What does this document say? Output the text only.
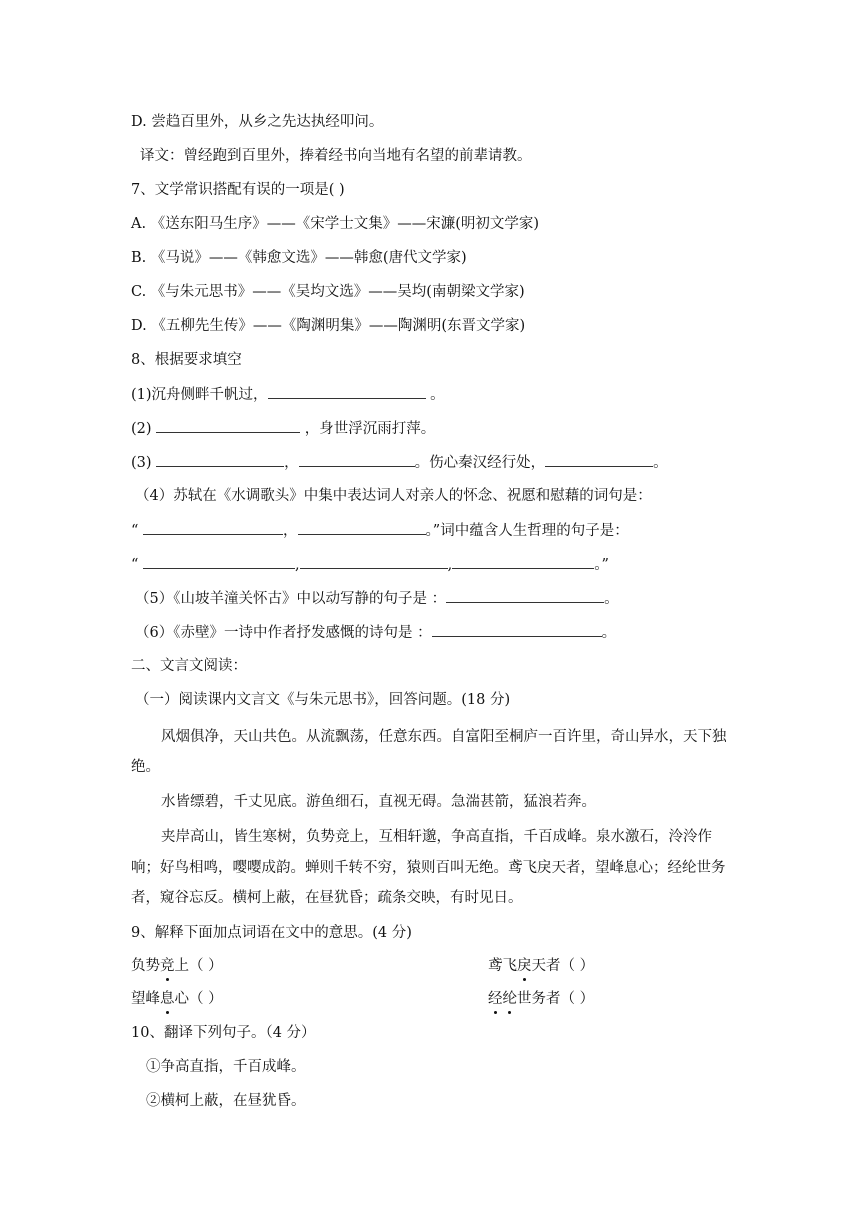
D. 尝趋百里外，从乡之先达执经叩问。
译文：曾经跑到百里外，捧着经书向当地有名望的前辈请教。
7、文学常识搭配有误的一项是( )
A. 《送东阳马生序》——《宋学士文集》——宋濂(明初文学家)
B. 《马说》——《韩愈文选》——韩愈(唐代文学家)
C. 《与朱元思书》——《吴均文选》——吴均(南朝梁文学家)
D. 《五柳先生传》——《陶渊明集》——陶渊明(东晋文学家)
8、根据要求填空
(1)沉舟侧畔千帆过，	。
(2)	，身世浮沉雨打萍。
(3)	，	。伤心秦汉经行处，	。
（4）苏轼在《水调歌头》中集中表达词人对亲人的怀念、祝愿和慰藉的词句是：
“	，	。”词中蕴含人生哲理的句子是：
“	,	,	。”
（5）《山坡羊潼关怀古》中以动写静的句子是 ：	。
（6）《赤壁》一诗中作者抒发感慨的诗句是 ：	。
二、文言文阅读：
（一）阅读课内文言文《与朱元思书》，回答问题。(18 分)
风烟俱净，天山共色。从流飘荡，任意东西。自富阳至桐庐一百许里，奇山异水，天下独绝。
水皆缥碧，千丈见底。游鱼细石，直视无碍。急湍甚箭，猛浪若奔。
夹岸高山，皆生寒树，负势竞上，互相轩邈，争高直指，千百成峰。泉水激石，泠泠作响；好鸟相鸣，嘤嘤成韵。蝉则千转不穷，猿则百叫无绝。鸢飞戾天者，望峰息心；经纶世务者，窥谷忘反。横柯上蔽，在昼犹昏；疏条交映，有时见日。
9、解释下面加点词语在文中的意思。(4 分)
负势竞上（ ）	鸢飞戾天者（ ）
望峰息心（ ）	经纶世务者（ ）
10、翻译下列句子。（4 分）
①争高直指，千百成峰。
②横柯上蔽，在昼犹昏。
